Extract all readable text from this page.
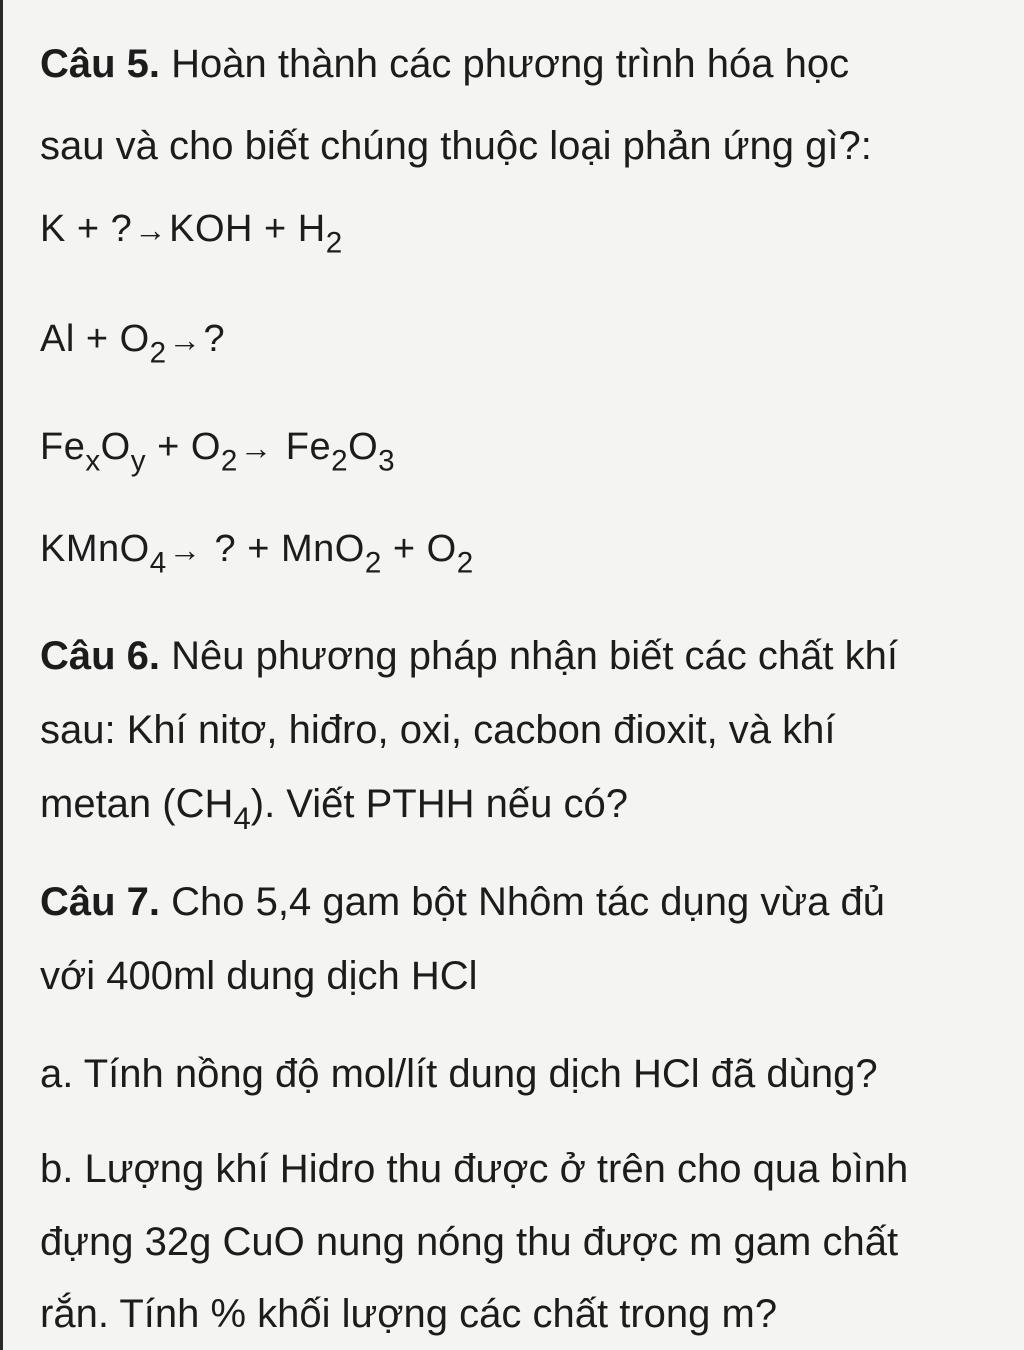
Câu 5. Hoàn thành các phương trình hóa học
sau và cho biết chúng thuộc loại phản ứng gì?:
K + ?→KOH + $H_2$
$Al + O_2\to$?
$Fe_xO_y + O_2\to Fe_2O_3$
KMnO$_4$→ ? + $MnO_2 + O_2$
Câu 6. Nêu phương pháp nhận biết các chất khí
sau: Khí nitơ, hiđro, oxi, cacbon đioxit, và khí
metan $(CH_4)$. Viết PTHH nếu có?
Câu 7. Cho 5,4 gam bột Nhôm tác dụng vừa đủ
với 400ml dung dịch HCl
a. Tính nồng độ mol/lít dung dịch HCl đã dùng?
b. Lượng khí Hidro thu được ở trên cho qua bình
đựng 32g CuO nung nóng thu được m gam chất
rắn. Tính % khối lượng các chất trong m?
